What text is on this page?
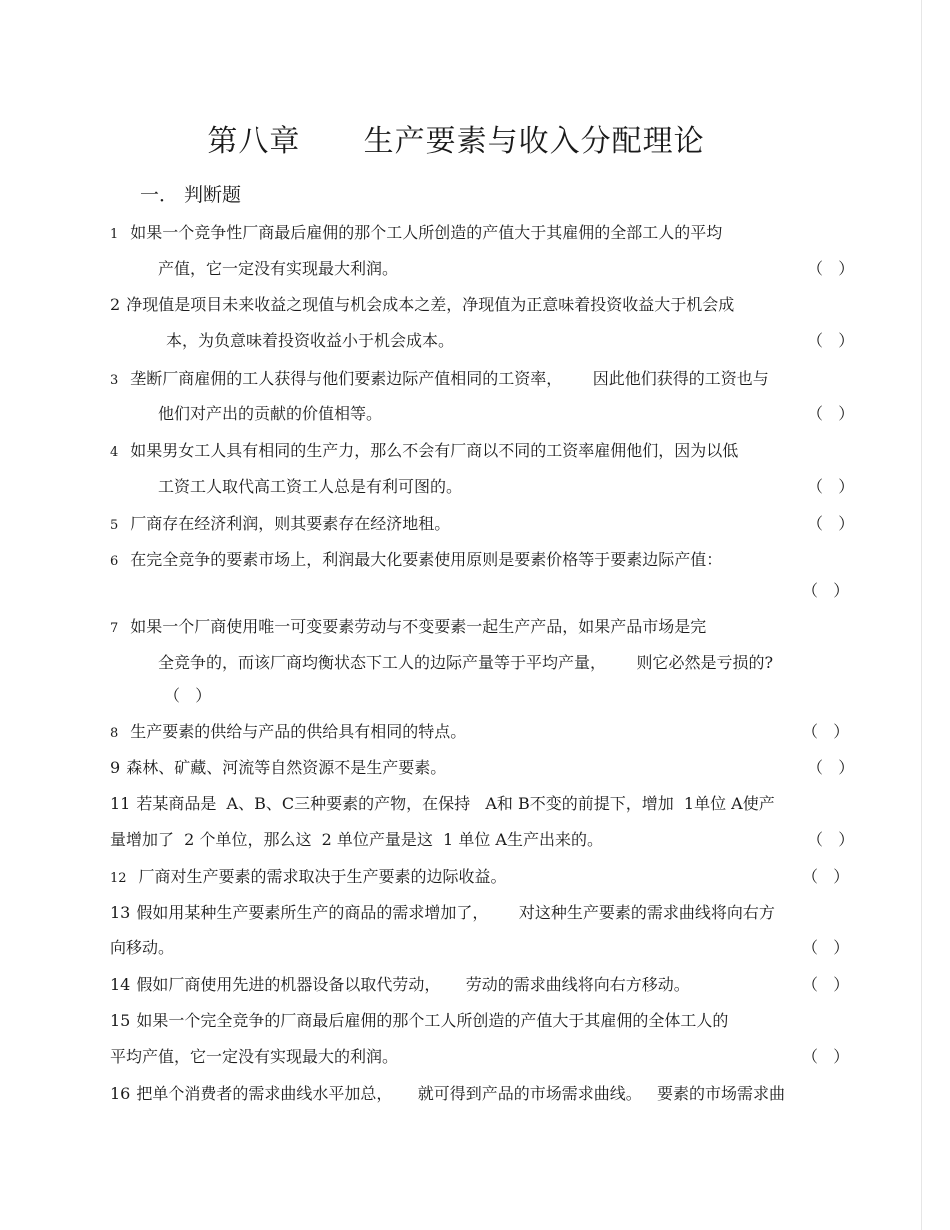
第八章      生产要素与收入分配理论
一． 判断题
1 如果一个竞争性厂商最后雇佣的那个工人所创造的产值大于其雇佣的全部工人的平均
产值，它一定没有实现最大利润。	（   ）
2 净现值是项目未来收益之现值与机会成本之差，净现值为正意味着投资收益大于机会成
本，为负意味着投资收益小于机会成本。	（   ）
3 垄断厂商雇佣的工人获得与他们要素边际产值相同的工资率，      因此他们获得的工资也与
他们对产出的贡献的价值相等。	（   ）
4 如果男女工人具有相同的生产力，那么不会有厂商以不同的工资率雇佣他们，因为以低
工资工人取代高工资工人总是有利可图的。	（   ）
5 厂商存在经济利润，则其要素存在经济地租。	（   ）
6 在完全竞争的要素市场上，利润最大化要素使用原则是要素价格等于要素边际产值：
（   ）
7 如果一个厂商使用唯一可变要素劳动与不变要素一起生产产品，如果产品市场是完
全竞争的，而该厂商均衡状态下工人的边际产量等于平均产量，      则它必然是亏损的?
（   ）
8 生产要素的供给与产品的供给具有相同的特点。	（   ）
9 森林、矿藏、河流等自然资源不是生产要素。	（   ）
11 若某商品是  A、B、C三种要素的产物，在保持   A和 B不变的前提下，增加  1单位 A使产
量增加了  2 个单位，那么这  2 单位产量是这  1 单位 A生产出来的。	（   ）
12 厂商对生产要素的需求取决于生产要素的边际收益。	（   ）
13 假如用某种生产要素所生产的商品的需求增加了，      对这种生产要素的需求曲线将向右方
向移动。	（   ）
14 假如厂商使用先进的机器设备以取代劳动，     劳动的需求曲线将向右方移动。	（   ）
15 如果一个完全竞争的厂商最后雇佣的那个工人所创造的产值大于其雇佣的全体工人的
平均产值，它一定没有实现最大的利润。	（   ）
16 把单个消费者的需求曲线水平加总，     就可得到产品的市场需求曲线。   要素的市场需求曲
